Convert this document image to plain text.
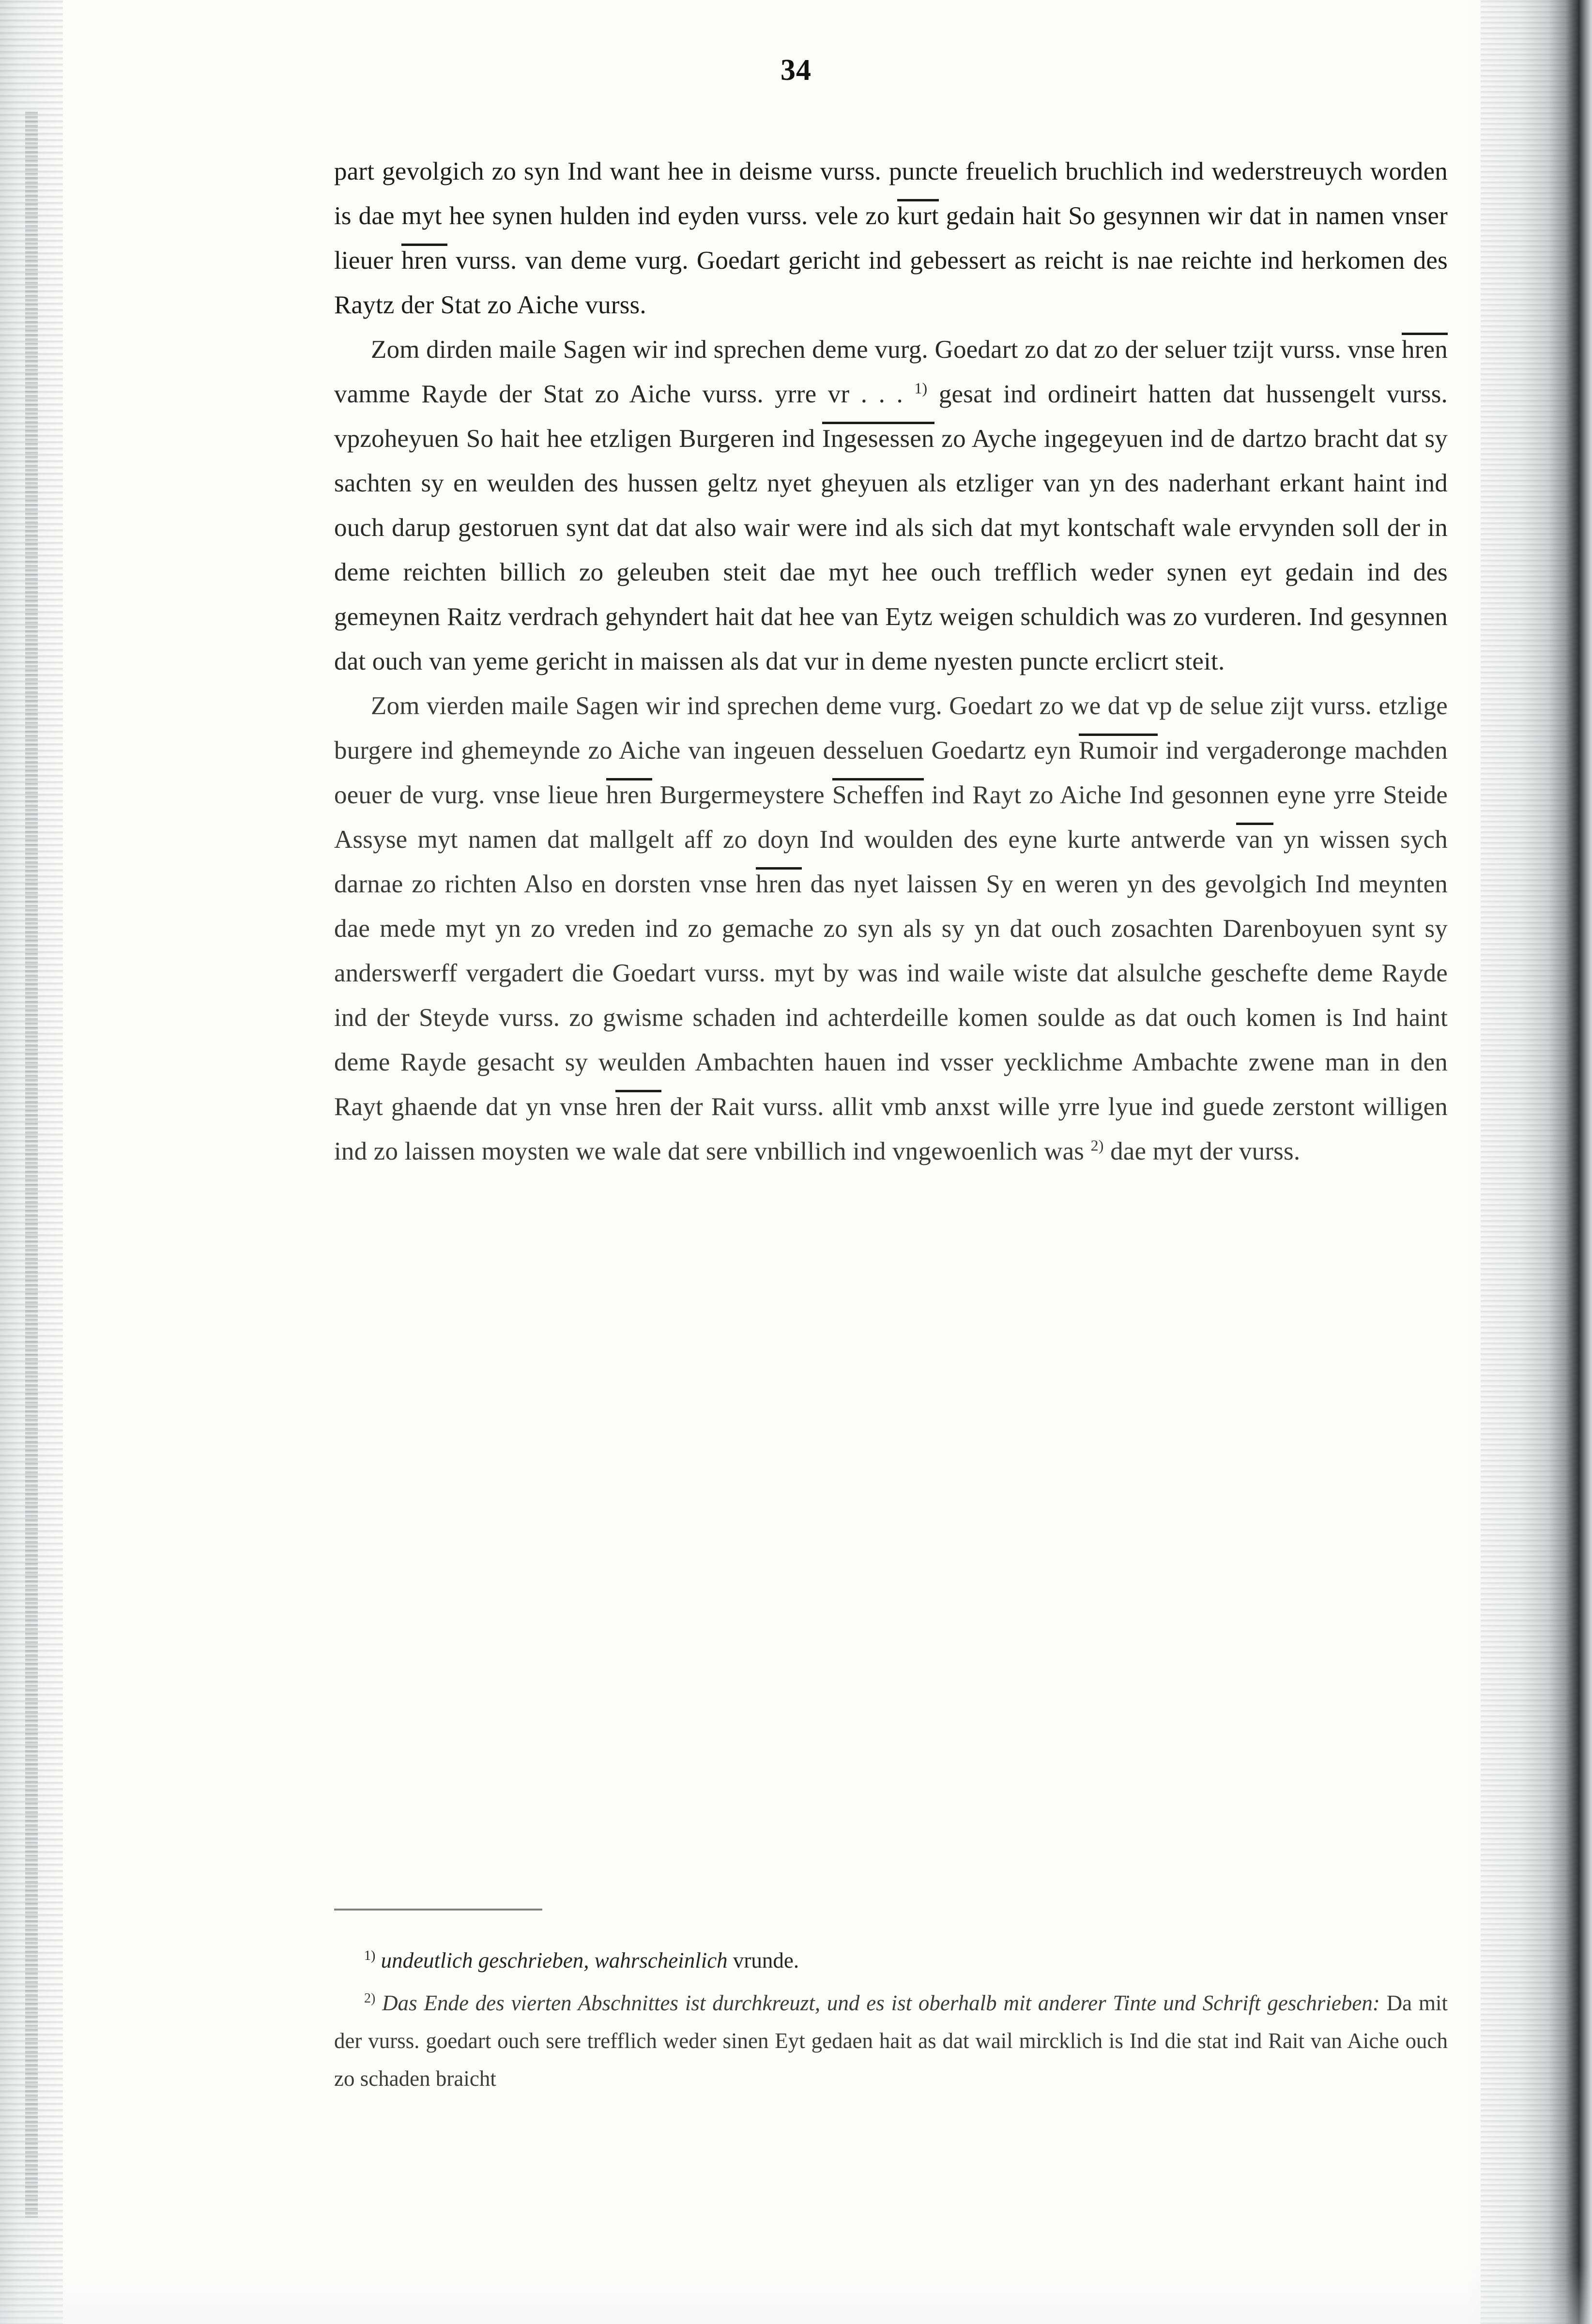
34

part gevolgich zo syn Ind want hee in deisme vurss. puncte freuelich bruchlich ind wederstreuych worden is dae myt hee synen hulden ind eyden vurss. vele zo kurt gedain hait So gesynnen wir dat in namen vnser lieuer hren vurss. van deme vurg. Goedart gericht ind gebessert as reicht is nae reichte ind herkomen des Raytz der Stat zo Aiche vurss.

Zom dirden maile Sagen wir ind sprechen deme vurg. Goedart zo dat zo der seluer tzijt vurss. vnse hren vamme Rayde der Stat zo Aiche vurss. yrre vr . . . $^{1)}$ gesat ind ordineirt hatten dat hussengelt vurss. vpzoheyuen So hait hee etzligen Burgeren ind Ingesessen zo Ayche ingegeyuen ind de dartzo bracht dat sy sachten sy en weulden des hussen geltz nyet gheyuen als etzliger van yn des naderhant erkant haint ind ouch darup gestoruen synt dat dat also wair were ind als sich dat myt kontschaft wale ervynden soll der in deme reichten billich zo geleuben steit dae myt hee ouch trefflich weder synen eyt gedain ind des gemeynen Raitz verdrach gehyndert hait dat hee van Eytz weigen schuldich was zo vurderen. Ind gesynnen dat ouch van yeme gericht in maissen als dat vur in deme nyesten puncte erclicrt steit.

Zom vierden maile Sagen wir ind sprechen deme vurg. Goedart zo we dat vp de selue zijt vurss. etzlige burgere ind ghemeynde zo Aiche van ingeuen desseluen Goedartz eyn Rumoir ind vergaderonge machden oeuer de vurg. vnse lieue hren Burgermeystere Scheffen ind Rayt zo Aiche Ind gesonnen eyne yrre Steide Assyse myt namen dat mallgelt aff zo doyn Ind woulden des eyne kurte antwerde van yn wissen sych darnae zo richten Also en dorsten vnse hren das nyet laissen Sy en weren yn des gevolgich Ind meynten dae mede myt yn zo vreden ind zo gemache zo syn als sy yn dat ouch zosachten Darenboyuen synt sy anderswerff vergadert die Goedart vurss. myt by was ind waile wiste dat alsulche geschefte deme Rayde ind der Steyde vurss. zo gwisme schaden ind achterdeille komen soulde as dat ouch komen is Ind haint deme Rayde gesacht sy weulden Ambachten hauen ind vsser yecklichme Ambachte zwene man in den Rayt ghaende dat yn vnse hren der Rait vurss. allit vmb anxst wille yrre lyue ind guede zerstont willigen ind zo laissen moysten we wale dat sere vnbillich ind vngewoenlich was $^{2)}$ dae myt der vurss.

$^{1)}$ undeutlich geschrieben, wahrscheinlich vrunde.

$^{2)}$ Das Ende des vierten Abschnittes ist durchkreuzt, und es ist oberhalb mit anderer Tinte und Schrift geschrieben: Da mit der vurss. goedart ouch sere trefflich weder sinen Eyt gedaen hait as dat wail mircklich is Ind die stat ind Rait van Aiche ouch zo schaden braicht
